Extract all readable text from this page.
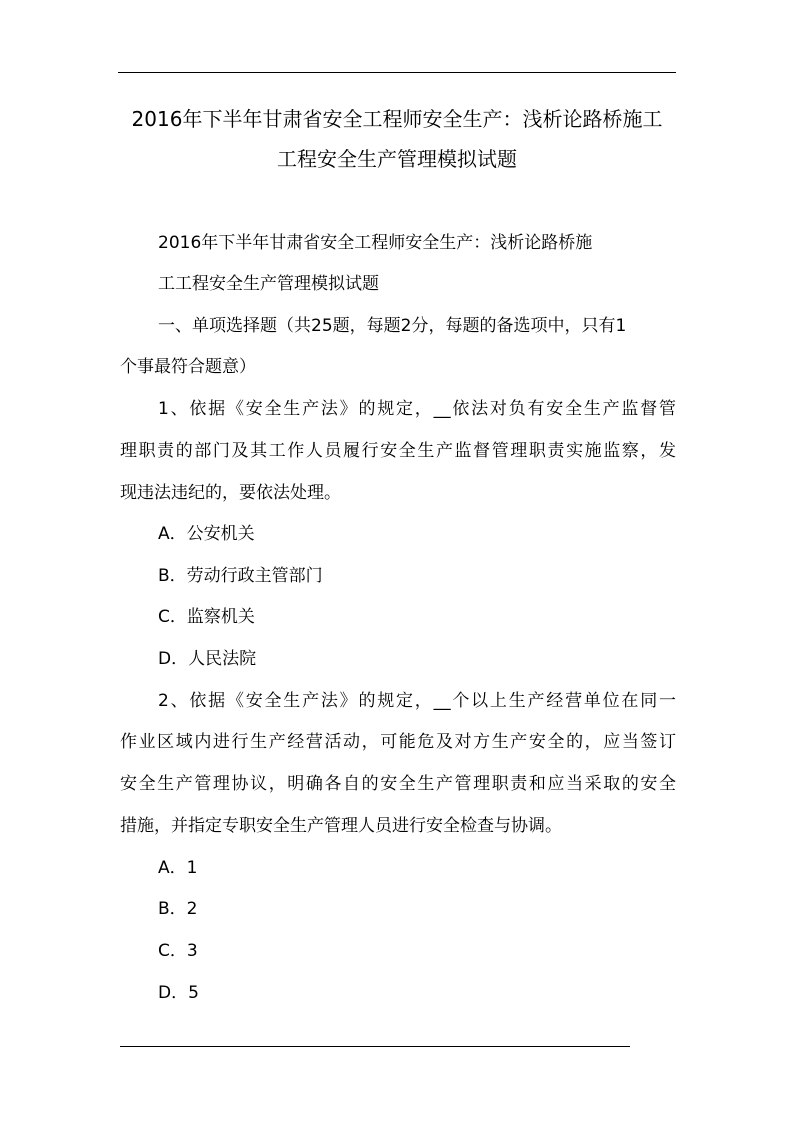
2016年下半年甘肃省安全工程师安全生产：浅析论路桥施工
工程安全生产管理模拟试题
2016年下半年甘肃省安全工程师安全生产：浅析论路桥施
工工程安全生产管理模拟试题
一、单项选择题（共25题，每题2分，每题的备选项中，只有1
个事最符合题意）
1、依据《安全生产法》的规定，__依法对负有安全生产监督管
理职责的部门及其工作人员履行安全生产监督管理职责实施监察，发
现违法违纪的，要依法处理。
A．公安机关
B．劳动行政主管部门
C．监察机关
D．人民法院
2、依据《安全生产法》的规定，__个以上生产经营单位在同一
作业区域内进行生产经营活动，可能危及对方生产安全的，应当签订
安全生产管理协议，明确各自的安全生产管理职责和应当采取的安全
措施，并指定专职安全生产管理人员进行安全检查与协调。
A．1
B．2
C．3
D．5
